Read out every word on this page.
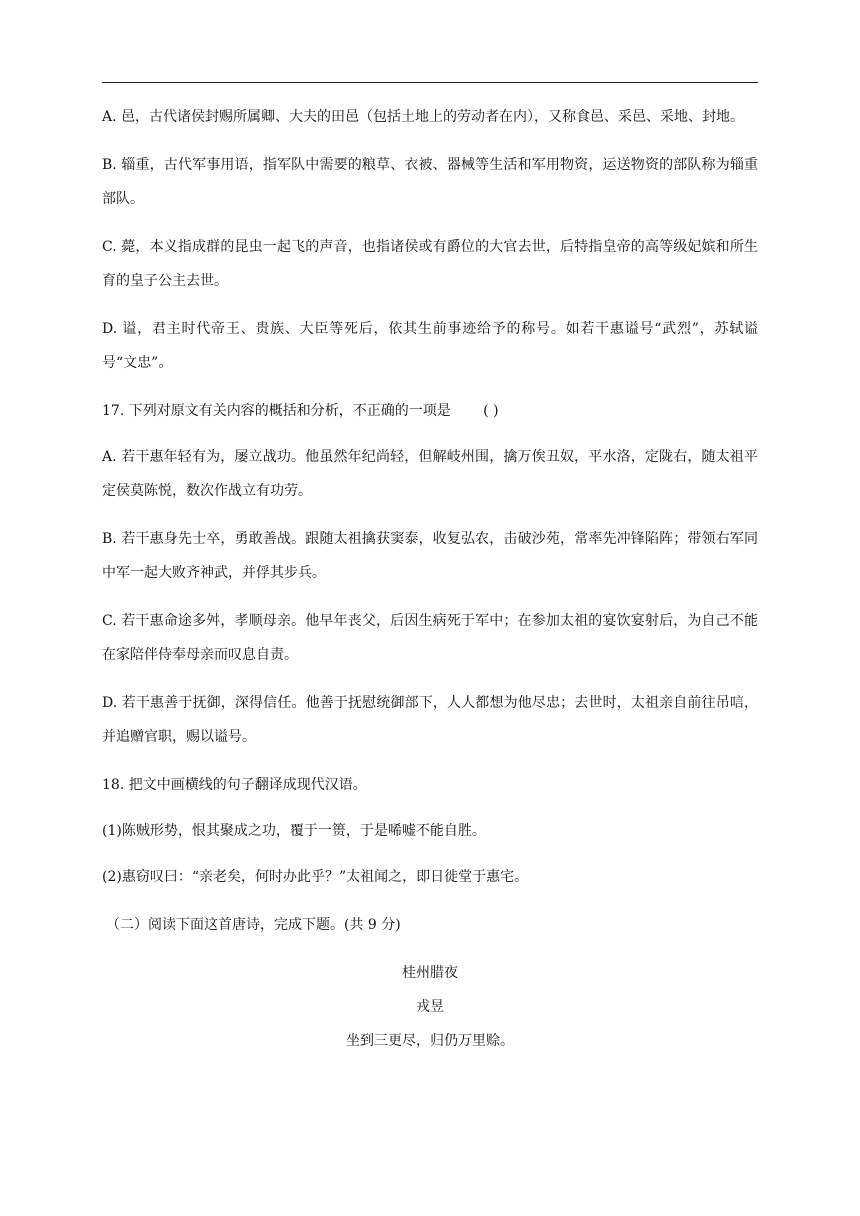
A. 邑，古代诸侯封赐所属卿、大夫的田邑（包括土地上的劳动者在内），又称食邑、采邑、采地、封地。

B. 辎重，古代军事用语，指军队中需要的粮草、衣被、器械等生活和军用物资，运送物资的部队称为辎重部队。

C. 薨，本义指成群的昆虫一起飞的声音，也指诸侯或有爵位的大官去世，后特指皇帝的高等级妃嫔和所生育的皇子公主去世。

D. 谥，君主时代帝王、贵族、大臣等死后，依其生前事迹给予的称号。如若干惠谥号“武烈”，苏轼谥号“文忠”。

17. 下列对原文有关内容的概括和分析，不正确的一项是 ( )

A. 若干惠年轻有为，屡立战功。他虽然年纪尚轻，但解岐州围，擒万俟丑奴，平水洛，定陇右，随太祖平定侯莫陈悦，数次作战立有功劳。

B. 若干惠身先士卒，勇敢善战。跟随太祖擒获窦泰，收复弘农，击破沙苑，常率先冲锋陷阵；带领右军同中军一起大败齐神武，并俘其步兵。

C. 若干惠命途多舛，孝顺母亲。他早年丧父，后因生病死于军中；在参加太祖的宴饮宴射后，为自己不能在家陪伴侍奉母亲而叹息自责。

D. 若干惠善于抚御，深得信任。他善于抚慰统御部下，人人都想为他尽忠；去世时，太祖亲自前往吊唁，并追赠官职，赐以谥号。

18. 把文中画横线的句子翻译成现代汉语。

(1)陈贼形势，恨其聚成之功，覆于一篑，于是唏嘘不能自胜。

(2)惠窃叹曰：“亲老矣，何时办此乎？”太祖闻之，即日徙堂于惠宅。

（二）阅读下面这首唐诗，完成下题。(共 9 分)

桂州腊夜

戎昱

坐到三更尽，归仍万里赊。
